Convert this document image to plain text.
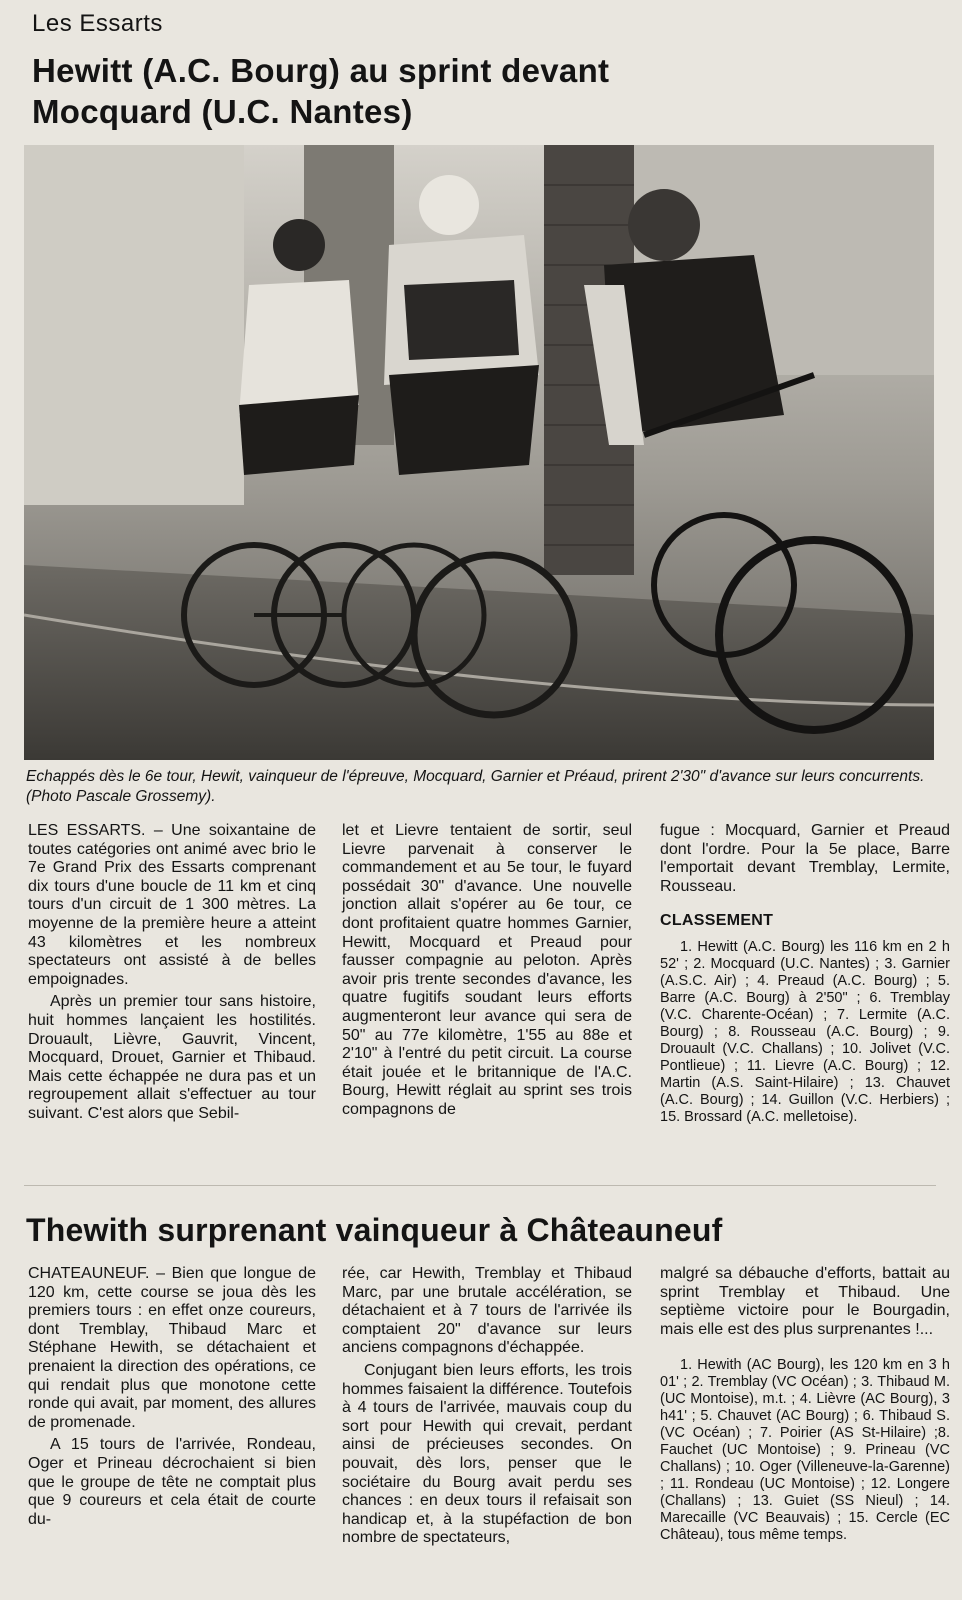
Les Essarts
Hewitt (A.C. Bourg) au sprint devant Mocquard (U.C. Nantes)
Echappés dès le 6e tour, Hewit, vainqueur de l'épreuve, Mocquard, Garnier et Préaud, prirent 2'30" d'avance sur leurs concurrents. (Photo Pascale Grossemy).

LES ESSARTS. – Une soixantaine de toutes catégories ont animé avec brio le 7e Grand Prix des Essarts comprenant dix tours d'une boucle de 11 km et cinq tours d'un circuit de 1 300 mètres. La moyenne de la première heure a atteint 43 kilomètres et les nombreux spectateurs ont assisté à de belles empoignades.

Après un premier tour sans histoire, huit hommes lançaient les hostilités. Drouault, Lièvre, Gauvrit, Vincent, Mocquard, Drouet, Garnier et Thibaud. Mais cette échappée ne dura pas et un regroupement allait s'effectuer au tour suivant. C'est alors que Sebil-

let et Lievre tentaient de sortir, seul Lievre parvenait à conserver le commandement et au 5e tour, le fuyard possédait 30" d'avance. Une nouvelle jonction allait s'opérer au 6e tour, ce dont profitaient quatre hommes Garnier, Hewitt, Mocquard et Preaud pour fausser compagnie au peloton. Après avoir pris trente secondes d'avance, les quatre fugitifs soudant leurs efforts augmenteront leur avance qui sera de 50" au 77e kilomètre, 1'55 au 88e et 2'10" à l'entré du petit circuit. La course était jouée et le britannique de l'A.C. Bourg, Hewitt réglait au sprint ses trois compagnons de

fugue : Mocquard, Garnier et Preaud dont l'ordre. Pour la 5e place, Barre l'emportait devant Tremblay, Lermite, Rousseau.

CLASSEMENT
1. Hewitt (A.C. Bourg) les 116 km en 2 h 52' ; 2. Mocquard (U.C. Nantes) ; 3. Garnier (A.S.C. Air) ; 4. Preaud (A.C. Bourg) ; 5. Barre (A.C. Bourg) à 2'50" ; 6. Tremblay (V.C. Charente-Océan) ; 7. Lermite (A.C. Bourg) ; 8. Rousseau (A.C. Bourg) ; 9. Drouault (V.C. Challans) ; 10. Jolivet (V.C. Pontlieue) ; 11. Lievre (A.C. Bourg) ; 12. Martin (A.S. Saint-Hilaire) ; 13. Chauvet (A.C. Bourg) ; 14. Guillon (V.C. Herbiers) ; 15. Brossard (A.C. melletoise).
Thewith surprenant vainqueur à Châteauneuf

CHATEAUNEUF. – Bien que longue de 120 km, cette course se joua dès les premiers tours : en effet onze coureurs, dont Tremblay, Thibaud Marc et Stéphane Hewith, se détachaient et prenaient la direction des opérations, ce qui rendait plus que monotone cette ronde qui avait, par moment, des allures de promenade.

A 15 tours de l'arrivée, Rondeau, Oger et Prineau décrochaient si bien que le groupe de tête ne comptait plus que 9 coureurs et cela était de courte du-

rée, car Hewith, Tremblay et Thibaud Marc, par une brutale accélération, se détachaient et à 7 tours de l'arrivée ils comptaient 20" d'avance sur leurs anciens compagnons d'échappée.

Conjugant bien leurs efforts, les trois hommes faisaient la différence. Toutefois à 4 tours de l'arrivée, mauvais coup du sort pour Hewith qui crevait, perdant ainsi de précieuses secondes. On pouvait, dès lors, penser que le sociétaire du Bourg avait perdu ses chances : en deux tours il refaisait son handicap et, à la stupéfaction de bon nombre de spectateurs,

malgré sa débauche d'efforts, battait au sprint Tremblay et Thibaud. Une septième victoire pour le Bourgadin, mais elle est des plus surprenantes !...

1. Hewith (AC Bourg), les 120 km en 3 h 01' ; 2. Tremblay (VC Océan) ; 3. Thibaud M. (UC Montoise), m.t. ; 4. Lièvre (AC Bourg), 3 h41' ; 5. Chauvet (AC Bourg) ; 6. Thibaud S. (VC Océan) ; 7. Poirier (AS St-Hilaire) ;8. Fauchet (UC Montoise) ; 9. Prineau (VC Challans) ; 10. Oger (Villeneuve-la-Garenne) ; 11. Rondeau (UC Montoise) ; 12. Longere (Challans) ; 13. Guiet (SS Nieul) ; 14. Marecaille (VC Beauvais) ; 15. Cercle (EC Château), tous même temps.
